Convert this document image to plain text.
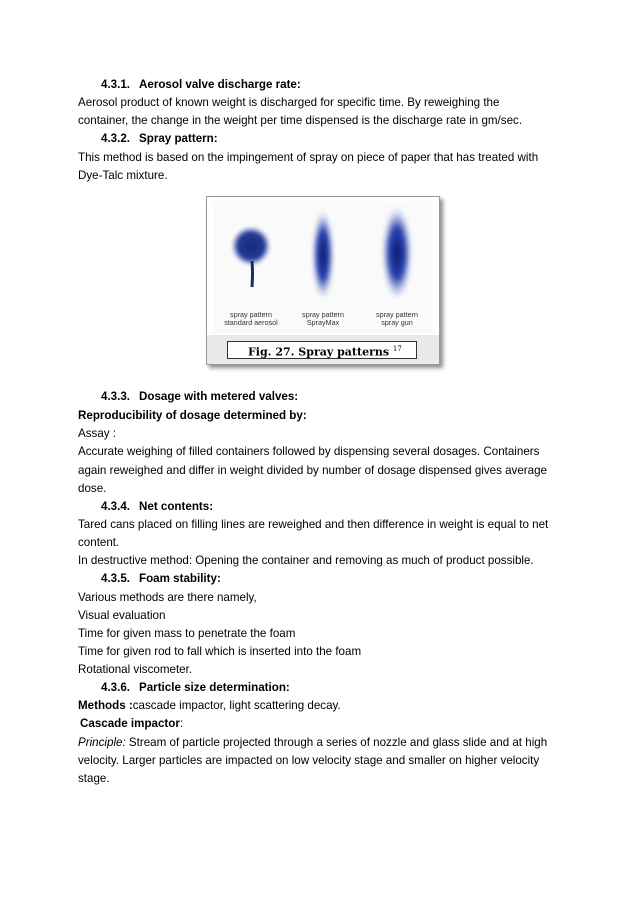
4.3.1. Aerosol valve discharge rate:
Aerosol product of known weight is discharged for specific time. By reweighing the
container, the change in the weight per time dispensed is the discharge rate in gm/sec.
4.3.2. Spray pattern:
This method is based on the impingement of spray on piece of paper that has treated with
Dye-Talc mixture.
spray pattern
standard aerosol
spray pattern
SprayMax
spray pattern
spray gun
Fig. 27. Spray patterns $^{17}$
4.3.3. Dosage with metered valves:
Reproducibility of dosage determined by:
Assay :
Accurate weighing of filled containers followed by dispensing several dosages. Containers
again reweighed and differ in weight divided by number of dosage dispensed gives average
dose.
4.3.4. Net contents:
Tared cans placed on filling lines are reweighed and then difference in weight is equal to net
content.
In destructive method: Opening the container and removing as much of product possible.
4.3.5. Foam stability:
Various methods are there namely,
Visual evaluation
Time for given mass to penetrate the foam
Time for given rod to fall which is inserted into the foam
Rotational viscometer.
4.3.6. Particle size determination:
Methods :cascade impactor, light scattering decay.
Cascade impactor:
Principle: Stream of particle projected through a series of nozzle and glass slide and at high
velocity. Larger particles are impacted on low velocity stage and smaller on higher velocity
stage.
